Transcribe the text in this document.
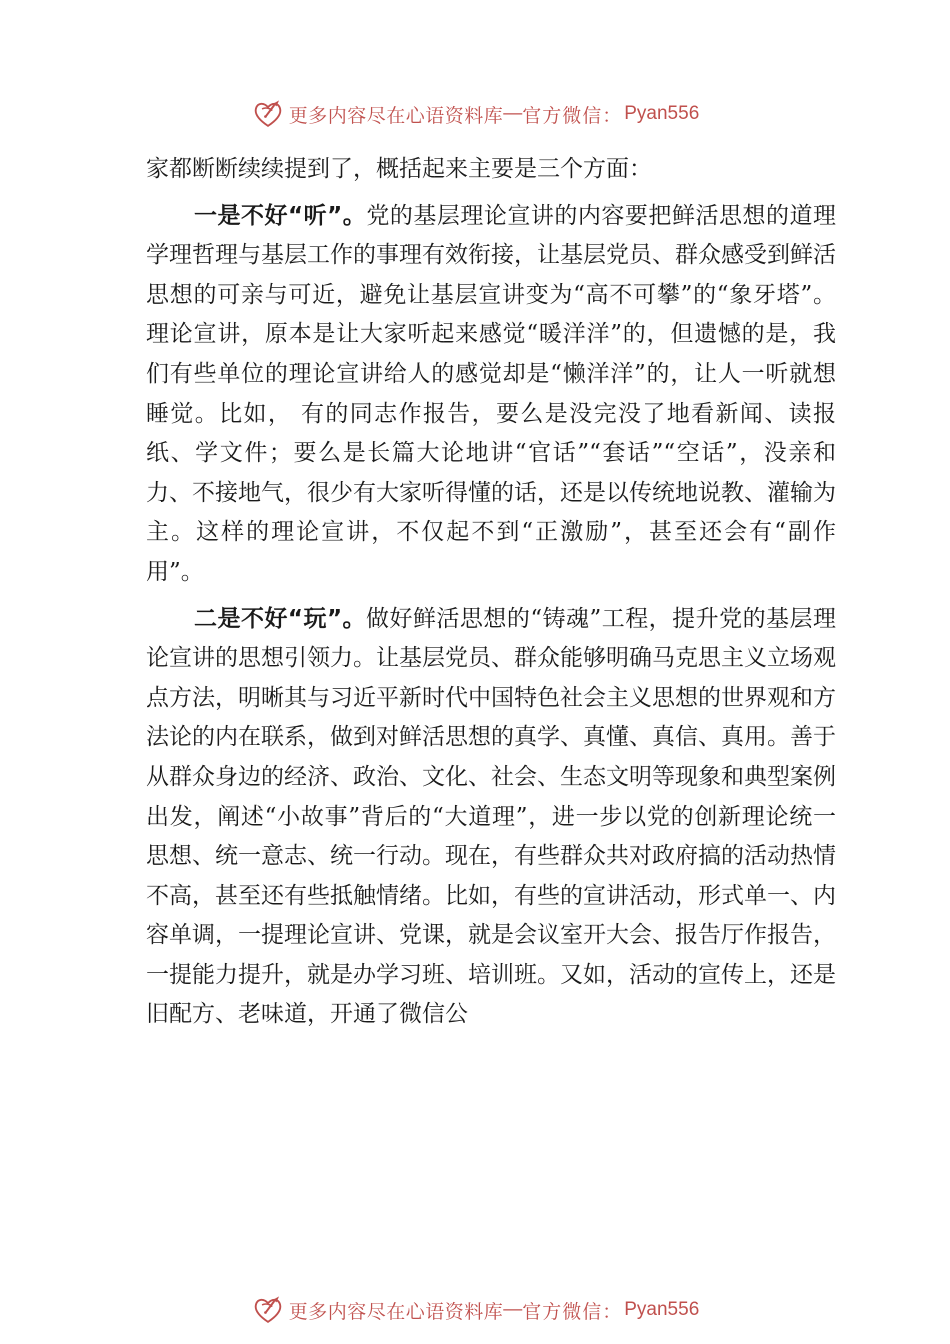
更多内容尽在心语资料库 — 官方微信： Pyan556

家都断断续续提到了，概括起来主要是三个方面：

一是不好“听”。党的基层理论宣讲的内容要把鲜活思想的道理学理哲理与基层工作的事理有效衔接，让基层党员、群众感受到鲜活思想的可亲与可近，避免让基层宣讲变为“高不可攀”的“象牙塔”。理论宣讲，原本是让大家听起来感觉“暖洋洋”的，但遗憾的是，我们有些单位的理论宣讲给人的感觉却是“懒洋洋”的，让人一听就想睡觉。比如， 有的同志作报告，要么是没完没了地看新闻、读报纸、学文件；要么是长篇大论地讲“官话”“套话”“空话”，没亲和力、不接地气，很少有大家听得懂的话，还是以传统地说教、灌输为主。这样的理论宣讲，不仅起不到“正激励”，甚至还会有“副作用”。

二是不好“玩”。做好鲜活思想的“铸魂”工程，提升党的基层理论宣讲的思想引领力。让基层党员、群众能够明确马克思主义立场观点方法，明晰其与习近平新时代中国特色社会主义思想的世界观和方法论的内在联系，做到对鲜活思想的真学、真懂、真信、真用。善于从群众身边的经济、政治、文化、社会、生态文明等现象和典型案例出发，阐述“小故事”背后的“大道理”，进一步以党的创新理论统一思想、统一意志、统一行动。现在，有些群众共对政府搞的活动热情不高，甚至还有些抵触情绪。比如，有些的宣讲活动，形式单一、内容单调，一提理论宣讲、党课，就是会议室开大会、报告厅作报告，一提能力提升，就是办学习班、培训班。又如，活动的宣传上，还是旧配方、老味道，开通了微信公

更多内容尽在心语资料库 — 官方微信： Pyan556
